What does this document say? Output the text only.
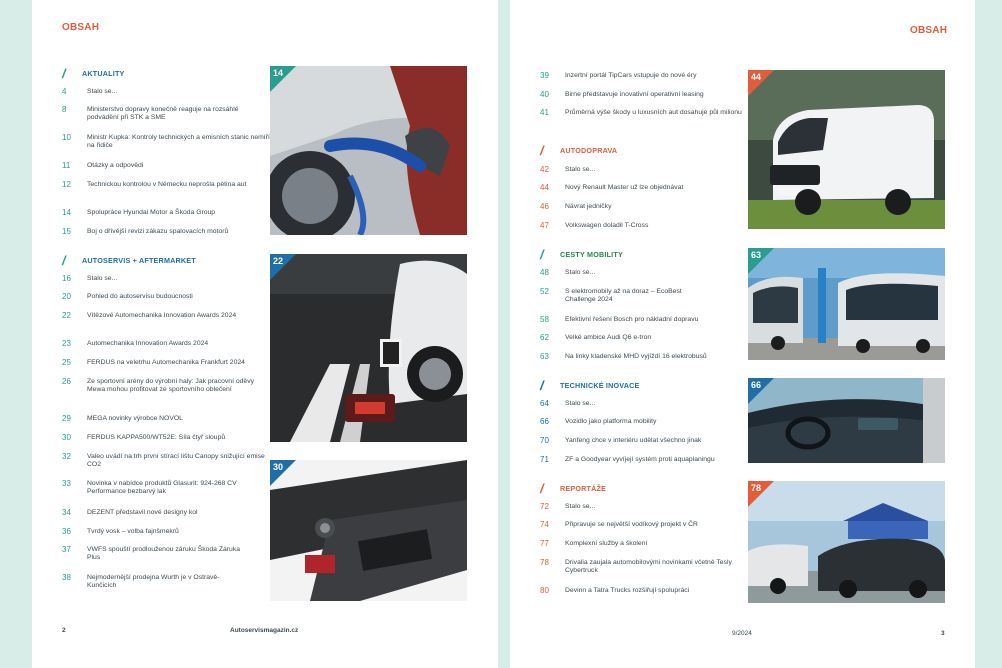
OBSAH
/	AKTUALITY
4	Stalo se...
8	Ministerstvo dopravy konečně reaguje na rozsáhlé podvádění při STK a SME
10	Ministr Kupka: Kontroly technických a emisních stanic nemíří na řidiče
11	Otázky a odpovědi
12	Technickou kontrolou v Německu neprošla pětina aut
14	Spolupráce Hyundai Motor a Škoda Group
15	Boj o dřívější revizi zákazu spalovacích motorů
/	AUTOSERVIS + AFTERMARKET
16	Stalo se...
20	Pohled do autoservisu budoucnosti
22	Vítězové Automechanika Innovation Awards 2024
23	Automechanika Innovation Awards 2024
25	FERDUS na veletrhu Automechanika Frankfurt 2024
26	Ze sportovní arény do výrobní haly: Jak pracovní oděvy Mewa mohou profitovat ze sportovního oblečení
29	MEGA novinky výrobce NOVOL
30	FERDUS KAPPA500/WT52E: Síla čtyř sloupů
32	Valeo uvádí na trh první stírací lištu Canopy snižující emise CO2
33	Novinka v nabídce produktů Glasurit: 924-268 CV Performance bezbarvý lak
34	DEZENT představil nové designy kol
36	Tvrdý vosk – volba fajnšmekrů
37	VWFS spouští prodlouženou záruku Škoda Záruka Plus
38	Nejmodernější prodejna Wurth je v Ostravě-Kunčicích
14
22
30
2	Autoservismagazin.cz
OBSAH
39	Inzertní portál TipCars vstupuje do nové éry
40	Birne představuje inovativní operativní leasing
41	Průměrná výše škody u luxusních aut dosahuje půl milionu
/	AUTODOPRAVA
42	Stalo se...
44	Nový Renault Master už lze objednávat
46	Návrat jedničky
47	Volkswagen doladil T-Cross
/	CESTY MOBILITY
48	Stalo se...
52	S elektromobily až na doraz – EcoBest Challenge 2024
58	Efektivní řešení Bosch pro nákladní dopravu
62	Velké ambice Audi Q6 e-tron
63	Na linky kladenské MHD vyjíždí 16 elektrobusů
/	TECHNICKÉ INOVACE
64	Stalo se...
66	Vozidlo jako platforma mobility
70	Yanfeng chce v interiéru udělat všechno jinak
71	ZF a Goodyear vyvíjejí systém proti aquaplaningu
/	REPORTÁŽE
72	Stalo se...
74	Připravuje se největší vodíkový projekt v ČR
77	Komplexní služby a školení
78	Drivalia zaujala automobilovými novinkami včetně Tesly Cybertruck
80	Devinn a Tatra Trucks rozšiřují spolupráci
44
63
66
78
9/2024	3
